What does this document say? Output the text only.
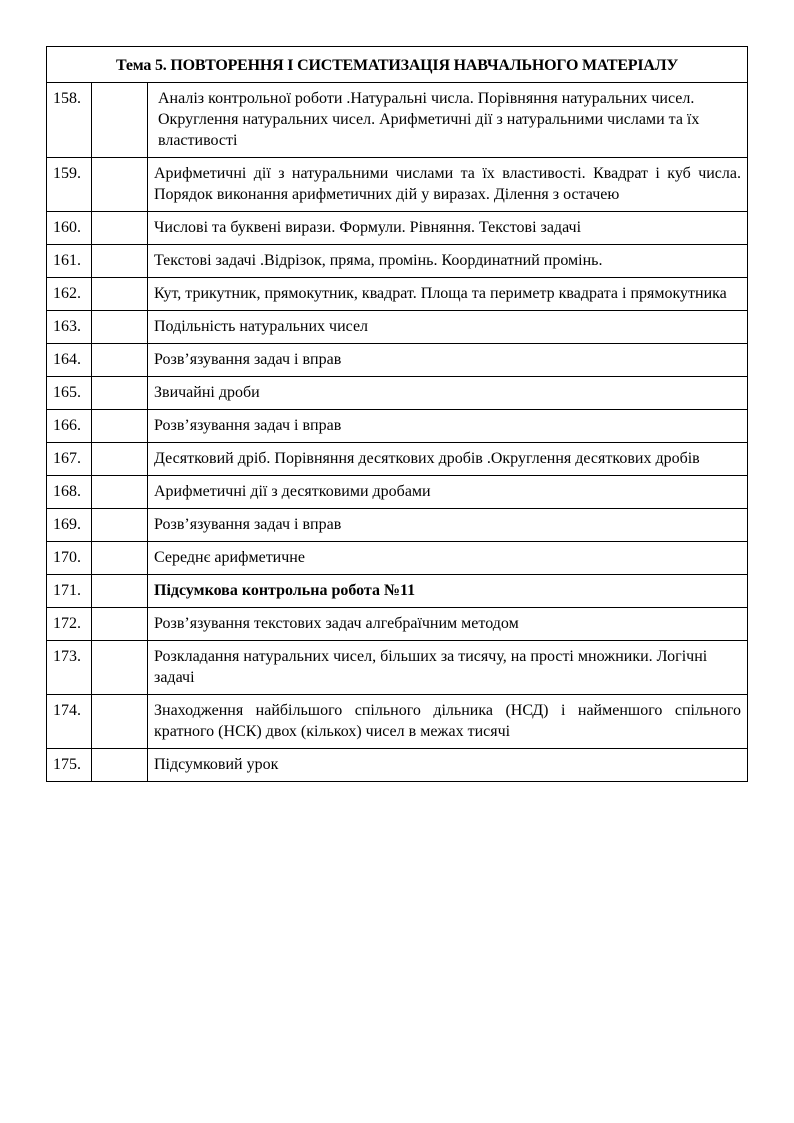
Тема 5. ПОВТОРЕННЯ І СИСТЕМАТИЗАЦІЯ НАВЧАЛЬНОГО МАТЕРІАЛУ		
158.		Аналіз контрольної роботи .Натуральні числа. Порівняння натуральних чисел. Округлення натуральних чисел. Арифметичні дії з натуральними числами та їх властивості
159.		Арифметичні дії з натуральними числами та їх властивості. Квадрат і куб числа. Порядок виконання арифметичних дій у виразах. Ділення з остачею
160.		Числові та буквені вирази. Формули. Рівняння. Текстові задачі
161.		Текстові задачі .Відрізок, пряма, промінь. Координатний промінь.
162.		Кут, трикутник, прямокутник, квадрат. Площа та периметр квадрата і прямокутника
163.		Подільність натуральних чисел
164.		Розв’язування задач і вправ
165.		Звичайні дроби
166.		Розв’язування задач і вправ
167.		Десятковий дріб. Порівняння десяткових дробів .Округлення десяткових дробів
168.		Арифметичні дії з десятковими дробами
169.		Розв’язування задач і вправ
170.		Середнє арифметичне
171.		Підсумкова контрольна робота №11
172.		Розв’язування текстових задач алгебраїчним методом
173.		Розкладання натуральних чисел, більших за тисячу, на прості множники. Логічні задачі
174.		Знаходження найбільшого спільного дільника (НСД) і найменшого спільного кратного (НСК) двох (кількох) чисел в межах тисячі
175.		Підсумковий урок
